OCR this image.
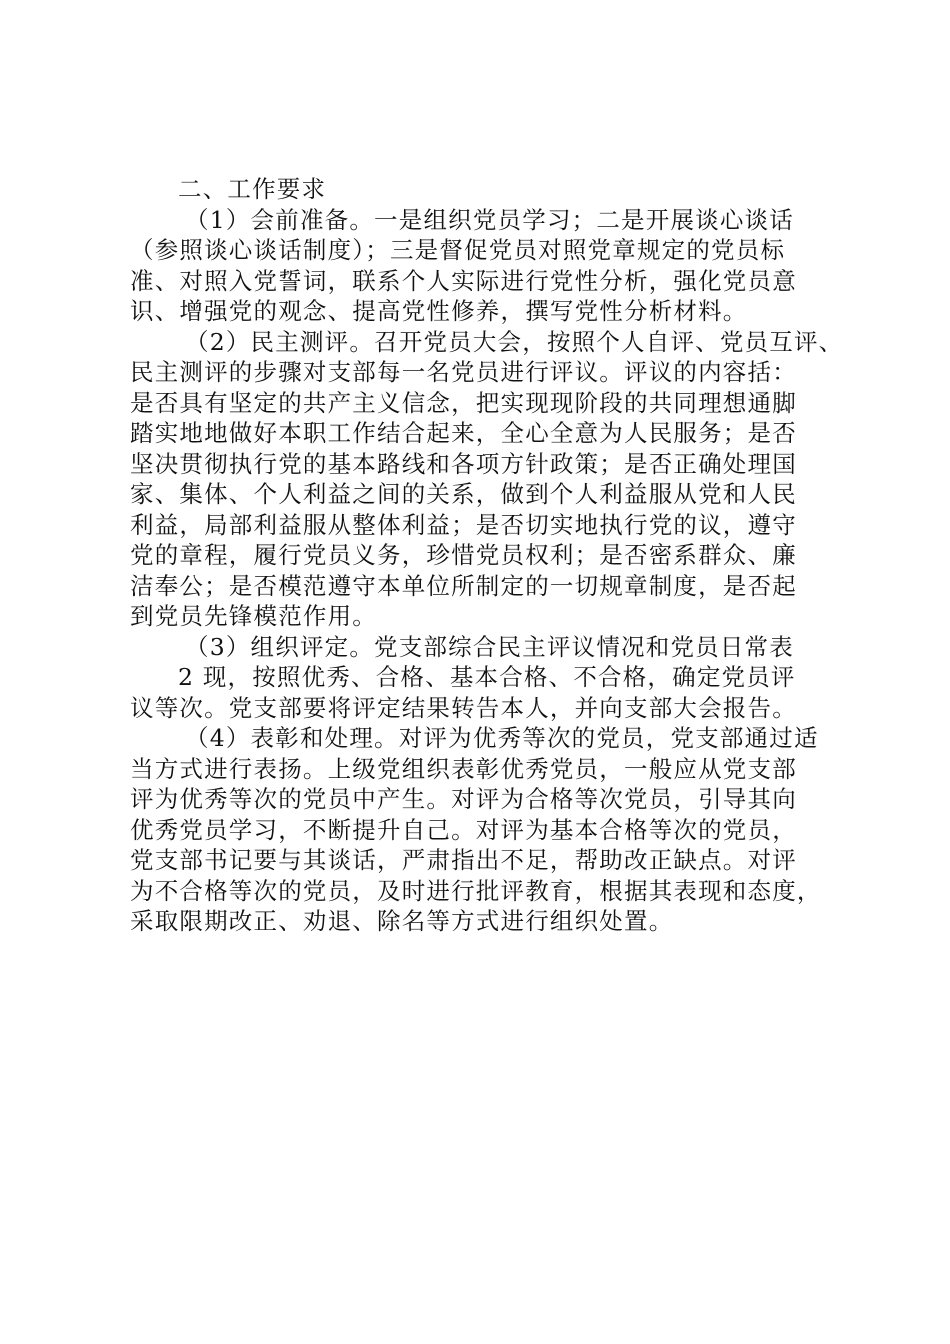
二、工作要求
（1）会前准备。一是组织党员学习；二是开展谈心谈话
（参照谈心谈话制度）；三是督促党员对照党章规定的党员标
准、对照入党誓词，联系个人实际进行党性分析，强化党员意
识、增强党的观念、提高党性修养，撰写党性分析材料。
（2）民主测评。召开党员大会，按照个人自评、党员互评、
民主测评的步骤对支部每一名党员进行评议。评议的内容括：
是否具有坚定的共产主义信念，把实现现阶段的共同理想通脚
踏实地地做好本职工作结合起来，全心全意为人民服务；是否
坚决贯彻执行党的基本路线和各项方针政策；是否正确处理国
家、集体、个人利益之间的关系，做到个人利益服从党和人民
利益，局部利益服从整体利益；是否切实地执行党的议，遵守
党的章程，履行党员义务，珍惜党员权利；是否密系群众、廉
洁奉公；是否模范遵守本单位所制定的一切规章制度，是否起
到党员先锋模范作用。
（3）组织评定。党支部综合民主评议情况和党员日常表
2 现，按照优秀、合格、基本合格、不合格，确定党员评
议等次。党支部要将评定结果转告本人，并向支部大会报告。
（4）表彰和处理。对评为优秀等次的党员，党支部通过适
当方式进行表扬。上级党组织表彰优秀党员，一般应从党支部
评为优秀等次的党员中产生。对评为合格等次党员，引导其向
优秀党员学习，不断提升自己。对评为基本合格等次的党员，
党支部书记要与其谈话，严肃指出不足，帮助改正缺点。对评
为不合格等次的党员，及时进行批评教育，根据其表现和态度，
采取限期改正、劝退、除名等方式进行组织处置。
